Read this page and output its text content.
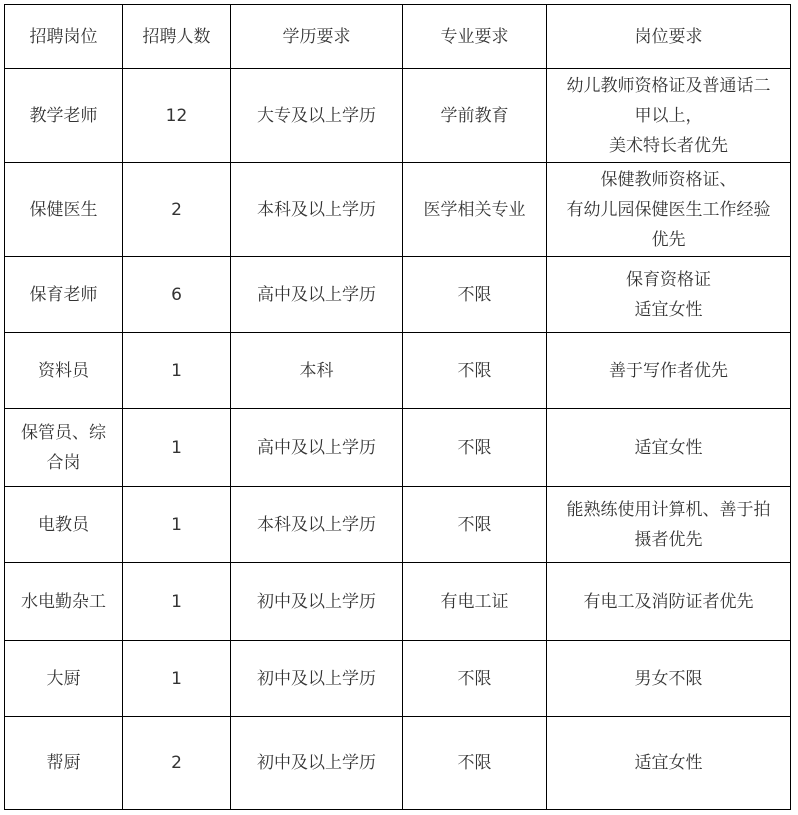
招聘岗位	招聘人数	学历要求	专业要求	岗位要求

教学老师	12	大专及以上学历	学前教育	幼儿教师资格证及普通话二
甲以上，
美术特长者优先

保健医生	2	本科及以上学历	医学相关专业	保健教师资格证、
有幼儿园保健医生工作经验
优先

保育老师	6	高中及以上学历	不限	保育资格证
适宜女性

资料员	1	本科	不限	善于写作者优先

保管员、综
合岗	1	高中及以上学历	不限	适宜女性

电教员	1	本科及以上学历	不限	能熟练使用计算机、善于拍
摄者优先

水电勤杂工	1	初中及以上学历	有电工证	有电工及消防证者优先

大厨	1	初中及以上学历	不限	男女不限

帮厨	2	初中及以上学历	不限	适宜女性
